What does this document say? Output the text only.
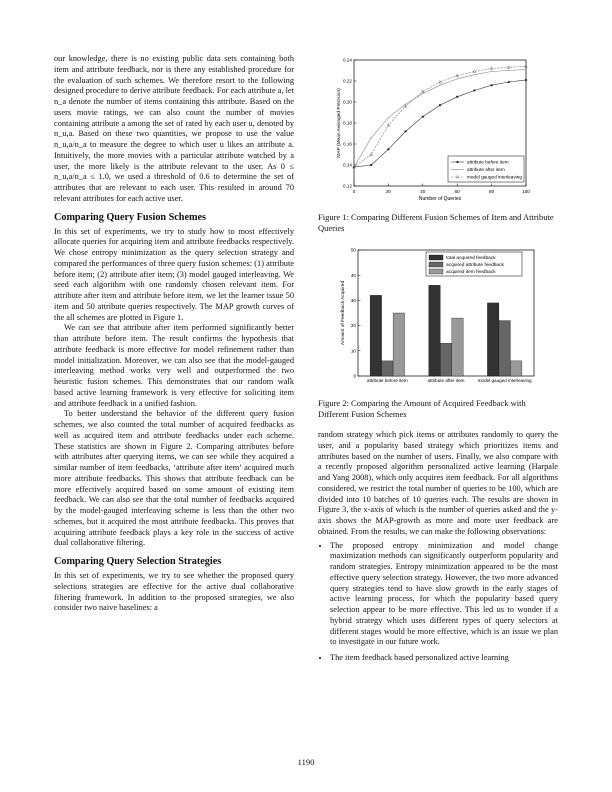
our knowledge, there is no existing public data sets containing both item and attribute feedback, nor is there any established procedure for the evaluation of such schemes. We therefore resort to the following designed procedure to derive attribute feedback. For each attribute a, let n_a denote the number of items containing this attribute. Based on the users movie ratings, we can also count the number of movies containing attribute a among the set of rated by each user u, denoted by n_u,a. Based on these two quantities, we propose to use the value n_u,a/n_a to measure the degree to which user u likes an attribute a. Intuitively, the more movies with a particular attribute watched by a user, the more likely is the attribute relevant to the user. As 0 ≤ n_u,a/n_a ≤ 1.0, we used a threshold of 0.6 to determine the set of attributes that are relevant to each user. This resulted in around 70 relevant attributes for each active user.

Comparing Query Fusion Schemes

In this set of experiments, we try to study how to most effectively allocate queries for acquiring item and attribute feedbacks respectively. We chose entropy minimization as the query selection strategy and compared the performances of three query fusion schemes: (1) attribute before item; (2) attribute after item; (3) model gauged interleaving. We seed each algorithm with one randomly chosen relevant item. For attribute after item and attribute before item, we let the learner issue 50 item and 50 attribute queries respectively. The MAP growth curves of the all schemes are plotted in Figure 1.

We can see that attribute after item performed significantly better than attribute before item. The result confirms the hypothesis that attribute feedback is more effective for model refinement rather than model initialization. Moreover, we can also see that the model-gauged interleaving method works very well and outperformed the two heuristic fusion schemes. This demonstrates that our random walk based active learning framework is very effective for soliciting item and attribute feedback in a unified fashion.

To better understand the behavior of the different query fusion schemes, we also counted the total number of acquired feedbacks as well as acquired item and attribute feedbacks under each scheme. These statistics are shown in Figure 2. Comparing attributes before with attributes after querying items, we can see while they acquired a similar number of item feedbacks, ‘attribute after item’ acquired much more attribute feedbacks. This shows that attribute feedback can be more effectively acquired based on some amount of existing item feedback. We can also see that the total number of feedbacks acquired by the model-gauged interleaving scheme is less than the other two schemes, but it acquired the most attribute feedbacks. This proves that acquiring attribute feedback plays a key role in the success of active dual collaborative filtering.

Comparing Query Selection Strategies

In this set of experiments, we try to see whether the proposed query selections strategies are effective for the active dual collaborative filtering framework. In addition to the proposed strategies, we also consider two naive baselines: a

0	20	40	60	80	100
0.12
0.14
0.16
0.18
0.20
0.22
0.24
Number of Queries
MAP (Mean Averaged Precision)
attribute before item
attribute after item
model gauged interleaving
Figure 1: Comparing Different Fusion Schemes of Item and Attribute Queries
0
10
20
30
40
50
Amount of Feedback Acquired
attribute before item	attribute after item	model gauged interleaving
total acquired feedback
acquired attribute feedback
acquired item feedback
Figure 2: Comparing the Amount of Acquired Feedback with Different Fusion Schemes

random strategy which pick items or attributes randomly to query the user, and a popularity based strategy which prioritizes items and attributes based on the number of users. Finally, we also compare with a recently proposed algorithm personalized active learning (Harpale and Yang 2008), which only acquires item feedback. For all algorithms considered, we restrict the total number of queries to be 100, which are divided into 10 batches of 10 queries each. The results are shown in Figure 3, the x-axis of which is the number of queries asked and the y-axis shows the MAP-growth as more and more user feedback are obtained. From the results, we can make the following observations:

• The proposed entropy minimization and model change maximization methods can significantly outperform popularity and random strategies. Entropy minimization appeared to be the most effective query selection strategy. However, the two more advanced query strategies tend to have slow growth in the early stages of active learning process, for which the popularity based query selection appear to be more effective. This led us to wonder if a hybrid strategy which uses different types of query selectors at different stages would be more effective, which is an issue we plan to investigate in our future work.
• The item feedback based personalized active learning
1190
